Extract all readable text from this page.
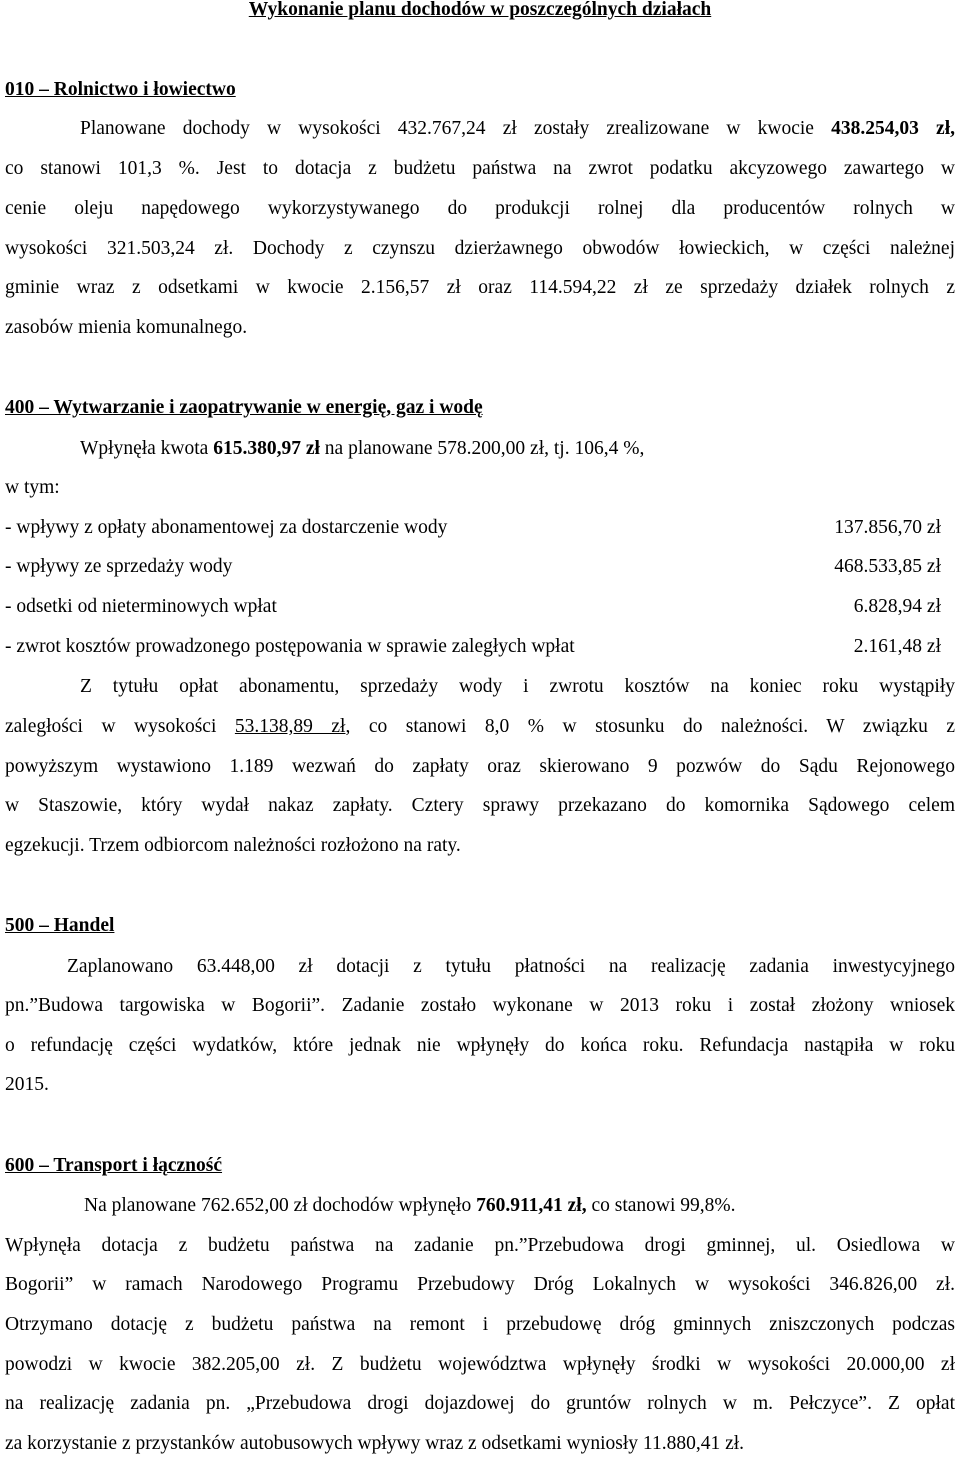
Wykonanie planu dochodów w poszczególnych działach
010 – Rolnictwo i łowiectwo
Planowane dochody w wysokości 432.767,24 zł zostały zrealizowane w kwocie 438.254,03 zł,
co stanowi 101,3 %. Jest to dotacja z budżetu państwa na zwrot podatku akcyzowego zawartego w
cenie oleju napędowego wykorzystywanego do produkcji rolnej dla producentów rolnych w
wysokości 321.503,24 zł. Dochody z czynszu dzierżawnego obwodów łowieckich, w części należnej
gminie wraz z odsetkami w kwocie 2.156,57 zł oraz 114.594,22 zł ze sprzedaży działek rolnych z
zasobów mienia komunalnego.
400 – Wytwarzanie i zaopatrywanie w energię, gaz i wodę
Wpłynęła kwota 615.380,97 zł na planowane 578.200,00 zł, tj. 106,4 %,
w tym:
- wpływy z opłaty abonamentowej za dostarczenie wody	137.856,70 zł
- wpływy ze sprzedaży wody	468.533,85 zł
- odsetki od nieterminowych wpłat	6.828,94 zł
- zwrot kosztów prowadzonego postępowania w sprawie zaległych wpłat	2.161,48 zł
Z tytułu opłat abonamentu, sprzedaży wody i zwrotu kosztów na koniec roku wystąpiły
zaległości w wysokości 53.138,89 zł, co stanowi 8,0 % w stosunku do należności. W związku z
powyższym wystawiono 1.189 wezwań do zapłaty oraz skierowano 9 pozwów do Sądu Rejonowego
w Staszowie, który wydał nakaz zapłaty. Cztery sprawy przekazano do komornika Sądowego celem
egzekucji. Trzem odbiorcom należności rozłożono na raty.
500 – Handel
Zaplanowano 63.448,00 zł dotacji z tytułu płatności na realizację zadania inwestycyjnego
pn.”Budowa targowiska w Bogorii”. Zadanie zostało wykonane w 2013 roku i został złożony wniosek
o refundację części wydatków, które jednak nie wpłynęły do końca roku. Refundacja nastąpiła w roku
2015.
600 – Transport i łączność
Na planowane 762.652,00 zł dochodów wpłynęło 760.911,41 zł, co stanowi 99,8%.
Wpłynęła dotacja z budżetu państwa na zadanie pn.”Przebudowa drogi gminnej, ul. Osiedlowa w
Bogorii” w ramach Narodowego Programu Przebudowy Dróg Lokalnych w wysokości 346.826,00 zł.
Otrzymano dotację z budżetu państwa na remont i przebudowę dróg gminnych zniszczonych podczas
powodzi w kwocie 382.205,00 zł. Z budżetu województwa wpłynęły środki w wysokości 20.000,00 zł
na realizację zadania pn. „Przebudowa drogi dojazdowej do gruntów rolnych w m. Pełczyce”. Z opłat
za korzystanie z przystanków autobusowych wpływy wraz z odsetkami wyniosły 11.880,41 zł.
